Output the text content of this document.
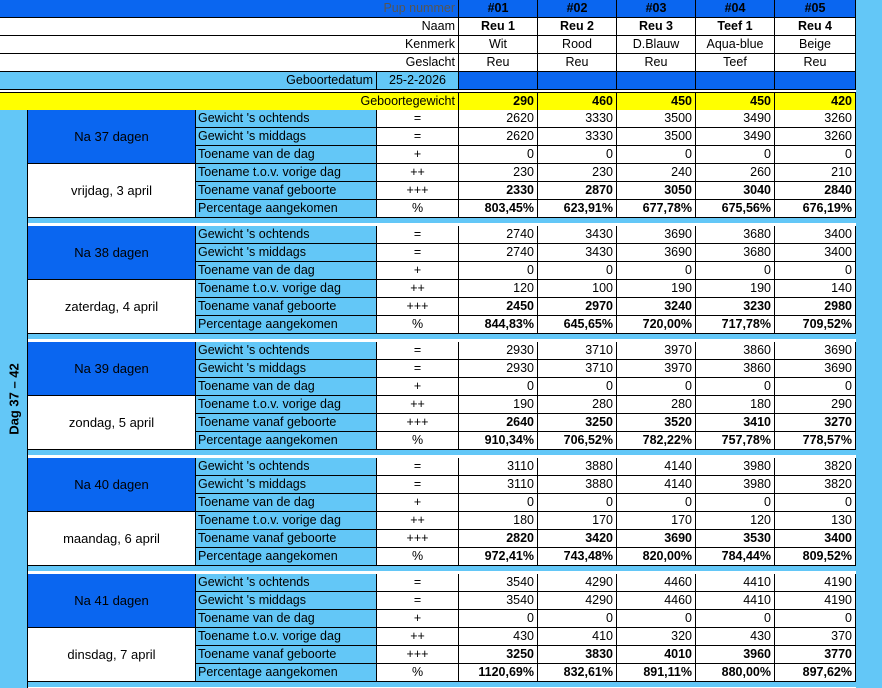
Pup nummer	#01	#02	#03	#04	#05
Naam	Reu 1	Reu 2	Reu 3	Teef 1	Reu 4
Kenmerk	Wit	Rood	D.Blauw	Aqua-blue	Beige
Geslacht	Reu	Reu	Reu	Teef	Reu
Geboortedatum	25-2-2026
Geboortegewicht	290	460	450	450	420
Dag 37 – 42
Na 37 dagen
vrijdag, 3 april
Gewicht 's ochtends	=	2620	3330	3500	3490	3260
Gewicht 's middags	=	2620	3330	3500	3490	3260
Toename van de dag	+	0	0	0	0	0
Toename t.o.v. vorige dag	++	230	230	240	260	210
Toename vanaf geboorte	+++	2330	2870	3050	3040	2840
Percentage aangekomen	%	803,45%	623,91%	677,78%	675,56%	676,19%
Na 38 dagen
zaterdag, 4 april
Gewicht 's ochtends	=	2740	3430	3690	3680	3400
Gewicht 's middags	=	2740	3430	3690	3680	3400
Toename van de dag	+	0	0	0	0	0
Toename t.o.v. vorige dag	++	120	100	190	190	140
Toename vanaf geboorte	+++	2450	2970	3240	3230	2980
Percentage aangekomen	%	844,83%	645,65%	720,00%	717,78%	709,52%
Na 39 dagen
zondag, 5 april
Gewicht 's ochtends	=	2930	3710	3970	3860	3690
Gewicht 's middags	=	2930	3710	3970	3860	3690
Toename van de dag	+	0	0	0	0	0
Toename t.o.v. vorige dag	++	190	280	280	180	290
Toename vanaf geboorte	+++	2640	3250	3520	3410	3270
Percentage aangekomen	%	910,34%	706,52%	782,22%	757,78%	778,57%
Na 40 dagen
maandag, 6 april
Gewicht 's ochtends	=	3110	3880	4140	3980	3820
Gewicht 's middags	=	3110	3880	4140	3980	3820
Toename van de dag	+	0	0	0	0	0
Toename t.o.v. vorige dag	++	180	170	170	120	130
Toename vanaf geboorte	+++	2820	3420	3690	3530	3400
Percentage aangekomen	%	972,41%	743,48%	820,00%	784,44%	809,52%
Na 41 dagen
dinsdag, 7 april
Gewicht 's ochtends	=	3540	4290	4460	4410	4190
Gewicht 's middags	=	3540	4290	4460	4410	4190
Toename van de dag	+	0	0	0	0	0
Toename t.o.v. vorige dag	++	430	410	320	430	370
Toename vanaf geboorte	+++	3250	3830	4010	3960	3770
Percentage aangekomen	%	1120,69%	832,61%	891,11%	880,00%	897,62%
